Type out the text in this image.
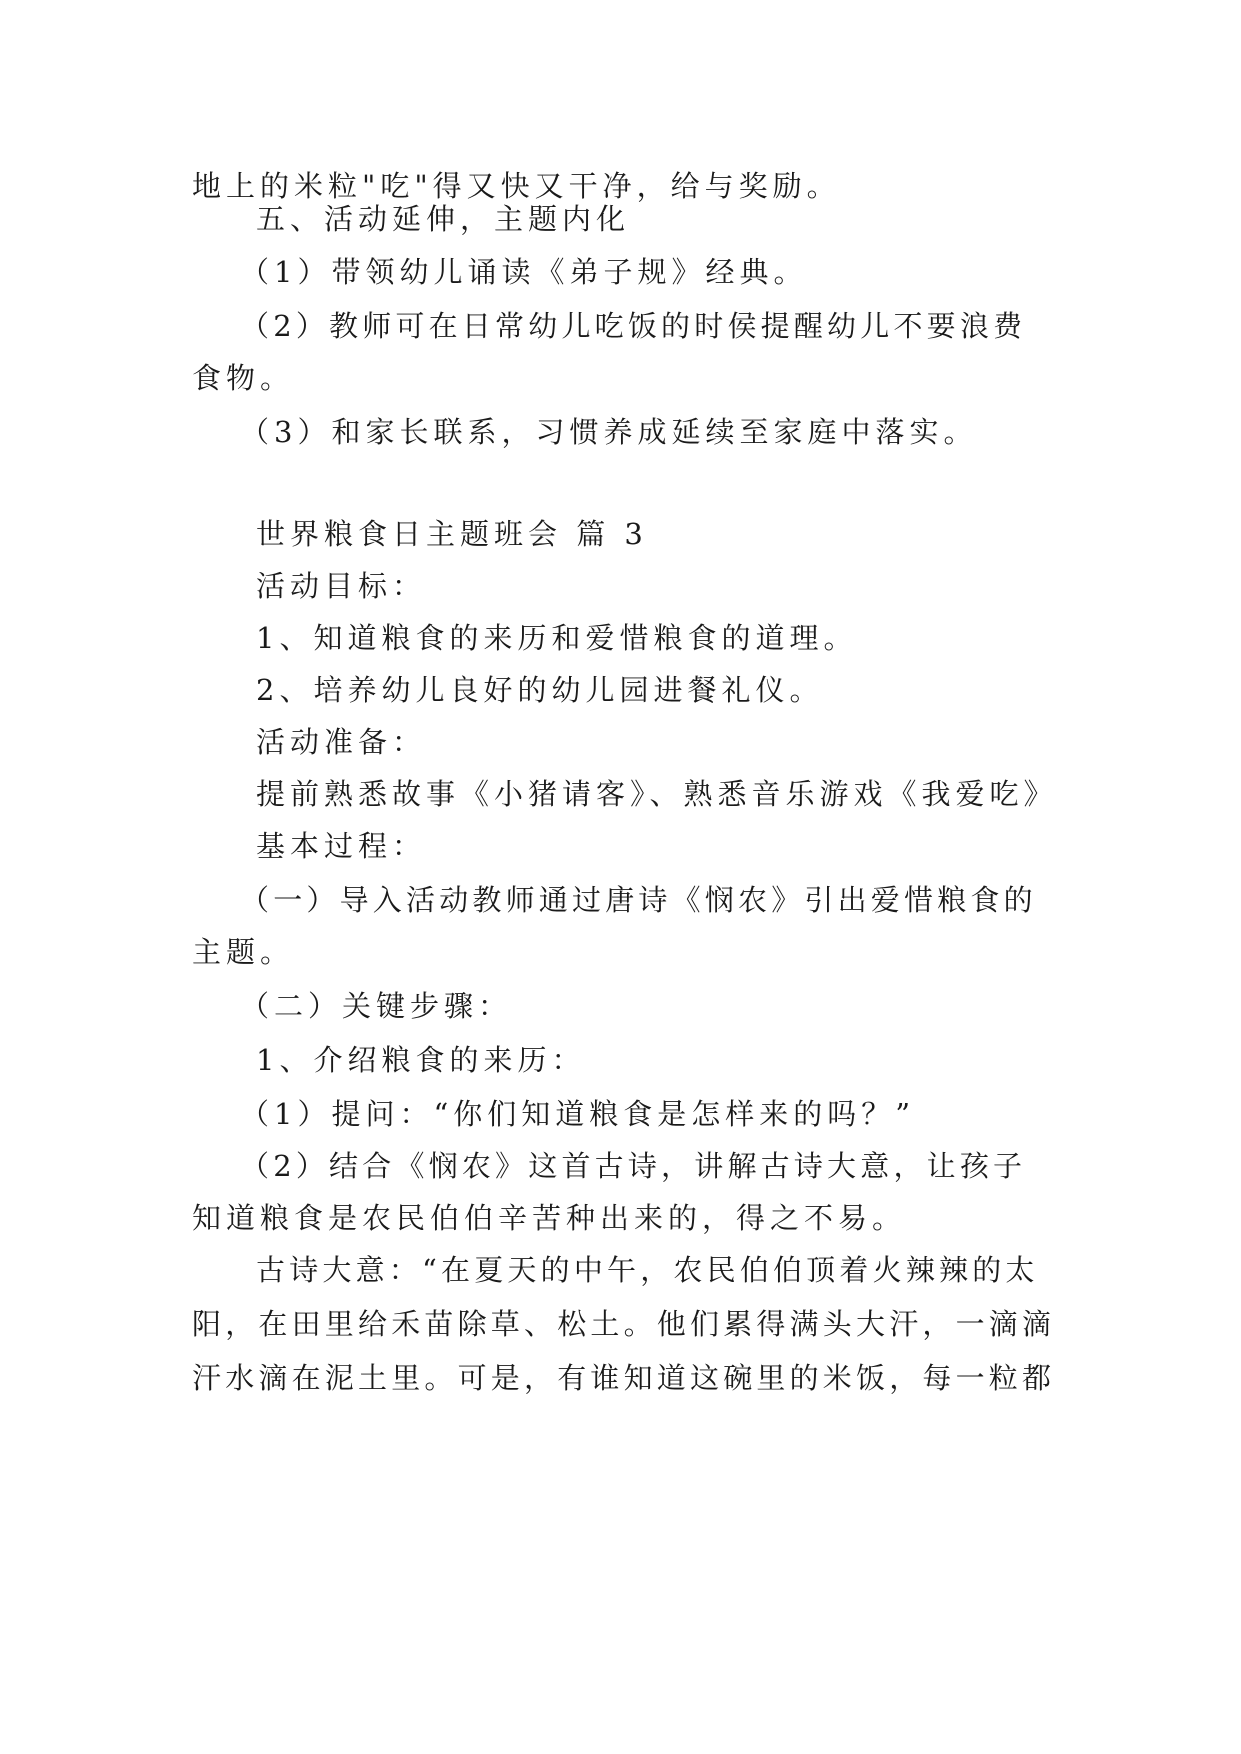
地上的米粒"吃"得又快又干净，给与奖励。
五、活动延伸，主题内化
（1）带领幼儿诵读《弟子规》经典。
（2）教师可在日常幼儿吃饭的时侯提醒幼儿不要浪费
食物。
（3）和家长联系，习惯养成延续至家庭中落实。
世界粮食日主题班会 篇 3
活动目标：
1、知道粮食的来历和爱惜粮食的道理。
2、培养幼儿良好的幼儿园进餐礼仪。
活动准备：
提前熟悉故事《小猪请客》、熟悉音乐游戏《我爱吃》
基本过程：
（一）导入活动教师通过唐诗《悯农》引出爱惜粮食的
主题。
（二）关键步骤：
1、介绍粮食的来历：
（1）提问：“你们知道粮食是怎样来的吗？”
（2）结合《悯农》这首古诗，讲解古诗大意，让孩子
知道粮食是农民伯伯辛苦种出来的，得之不易。
古诗大意：“在夏天的中午，农民伯伯顶着火辣辣的太
阳，在田里给禾苗除草、松土。他们累得满头大汗，一滴滴
汗水滴在泥土里。可是，有谁知道这碗里的米饭，每一粒都
